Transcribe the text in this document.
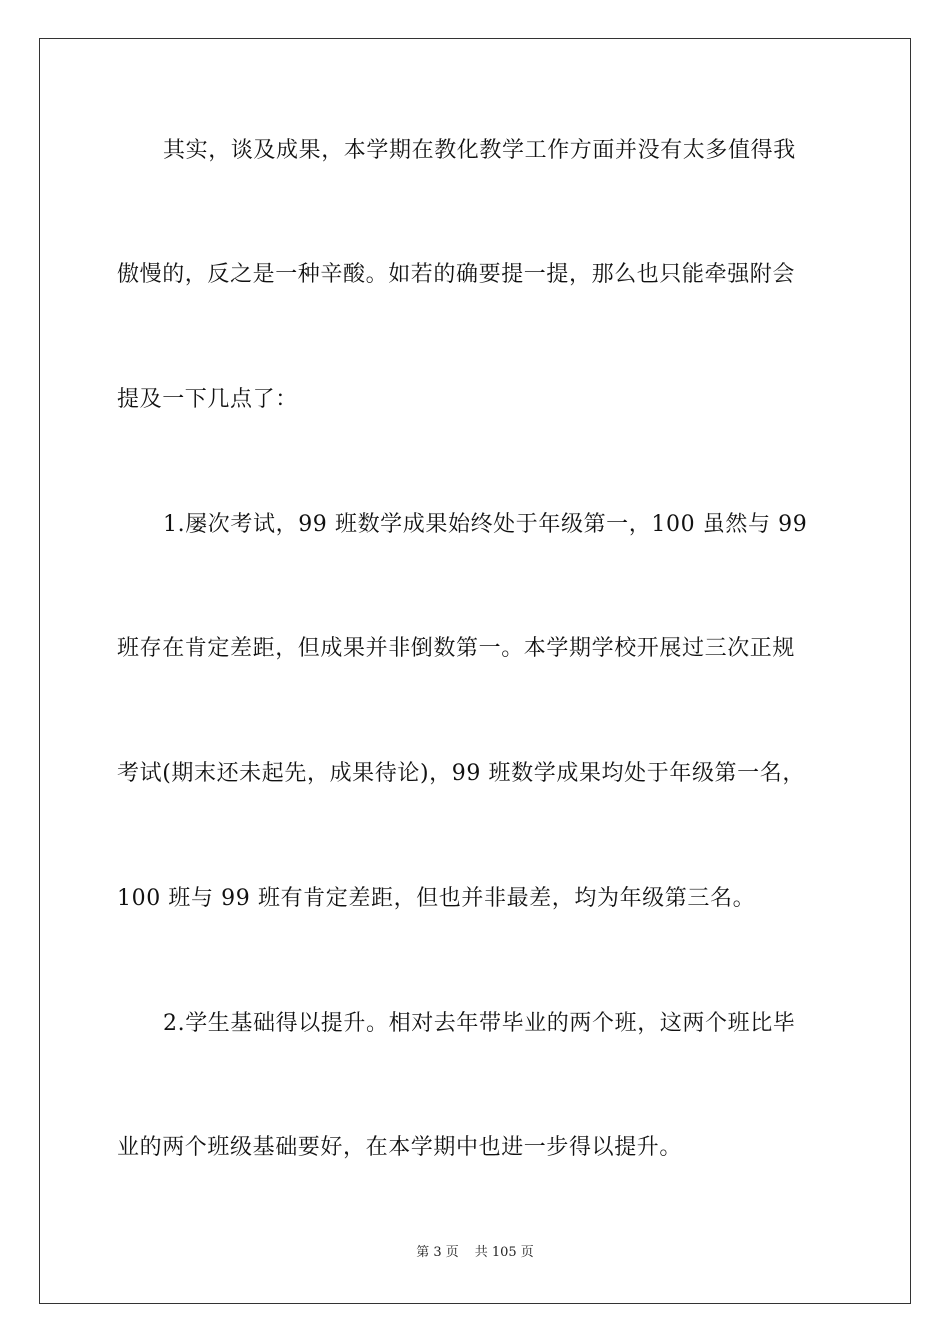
其实，谈及成果，本学期在教化教学工作方面并没有太多值得我
傲慢的，反之是一种辛酸。如若的确要提一提，那么也只能牵强附会
提及一下几点了：
1.屡次考试，99 班数学成果始终处于年级第一，100 虽然与 99
班存在肯定差距，但成果并非倒数第一。本学期学校开展过三次正规
考试(期末还未起先，成果待论)，99 班数学成果均处于年级第一名，
100 班与 99 班有肯定差距，但也并非最差，均为年级第三名。
2.学生基础得以提升。相对去年带毕业的两个班，这两个班比毕
业的两个班级基础要好，在本学期中也进一步得以提升。
第 3 页 共 105 页
